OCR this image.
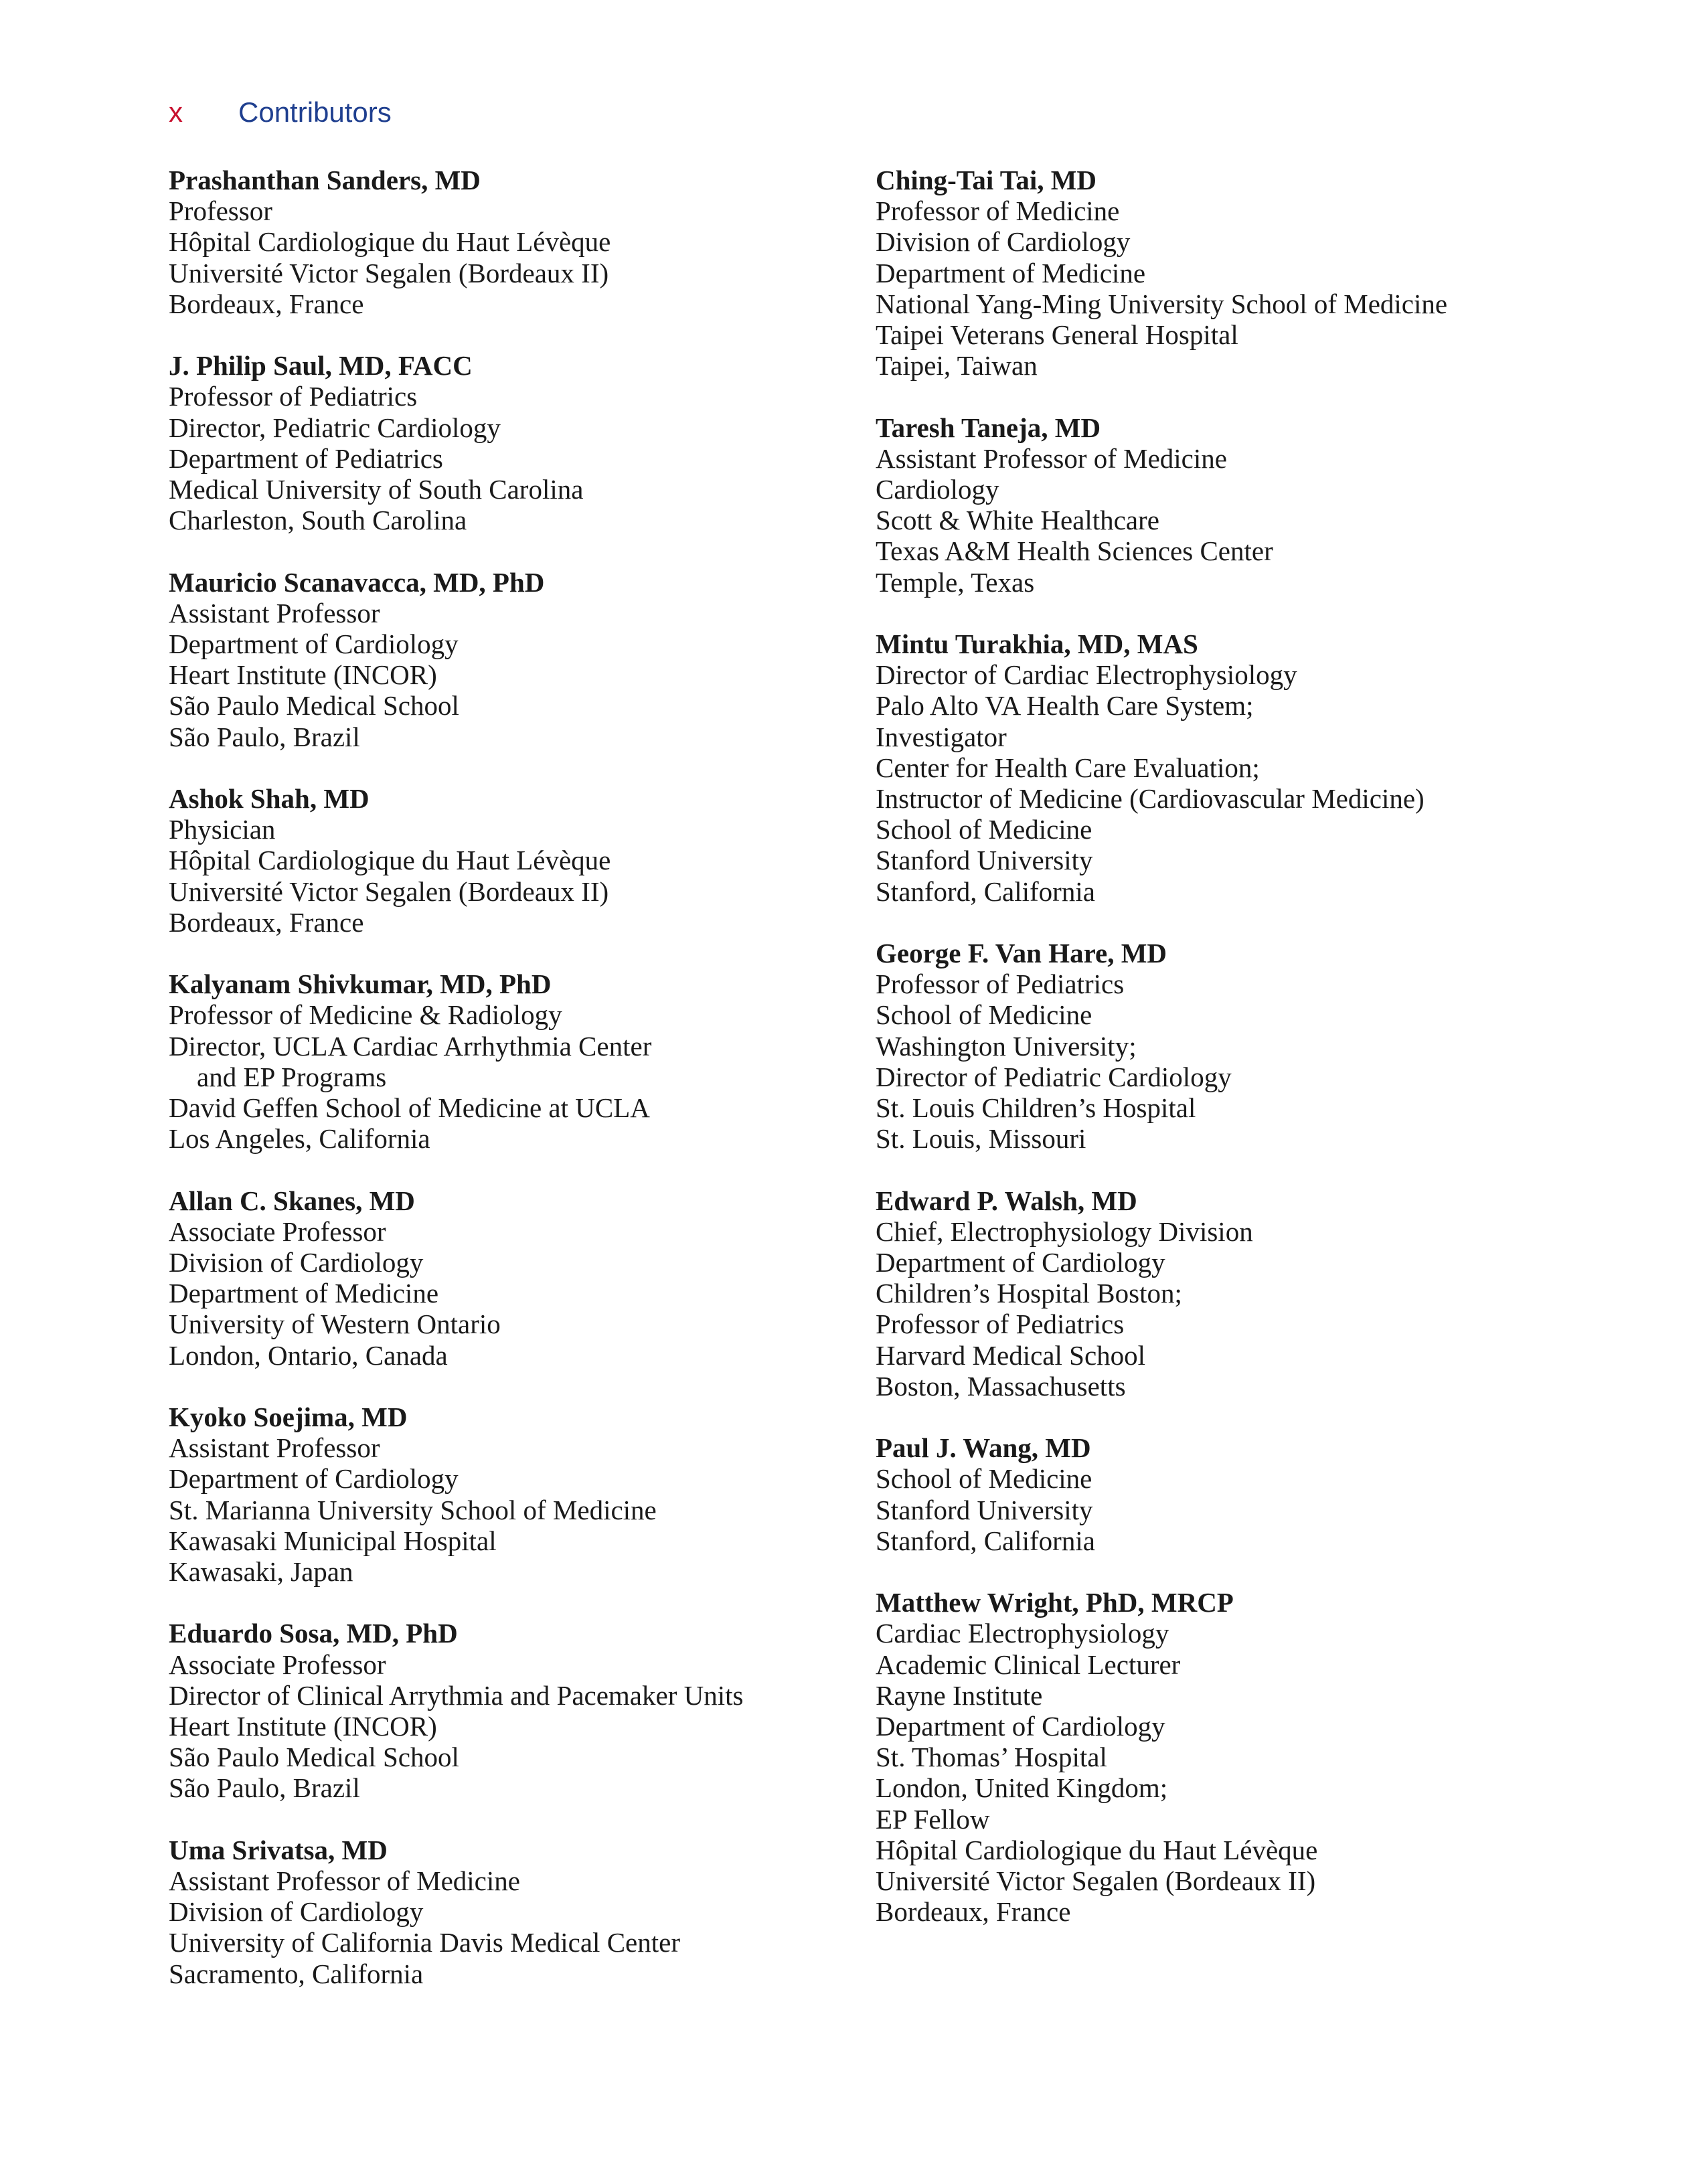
x	Contributors
Prashanthan Sanders, MD
Professor
Hôpital Cardiologique du Haut Lévèque
Université Victor Segalen (Bordeaux II)
Bordeaux, France
J. Philip Saul, MD, FACC
Professor of Pediatrics
Director, Pediatric Cardiology
Department of Pediatrics
Medical University of South Carolina
Charleston, South Carolina
Mauricio Scanavacca, MD, PhD
Assistant Professor
Department of Cardiology
Heart Institute (INCOR)
São Paulo Medical School
São Paulo, Brazil
Ashok Shah, MD
Physician
Hôpital Cardiologique du Haut Lévèque
Université Victor Segalen (Bordeaux II)
Bordeaux, France
Kalyanam Shivkumar, MD, PhD
Professor of Medicine & Radiology
Director, UCLA Cardiac Arrhythmia Center
and EP Programs
David Geffen School of Medicine at UCLA
Los Angeles, California
Allan C. Skanes, MD
Associate Professor
Division of Cardiology
Department of Medicine
University of Western Ontario
London, Ontario, Canada
Kyoko Soejima, MD
Assistant Professor
Department of Cardiology
St. Marianna University School of Medicine
Kawasaki Municipal Hospital
Kawasaki, Japan
Eduardo Sosa, MD, PhD
Associate Professor
Director of Clinical Arrythmia and Pacemaker Units
Heart Institute (INCOR)
São Paulo Medical School
São Paulo, Brazil
Uma Srivatsa, MD
Assistant Professor of Medicine
Division of Cardiology
University of California Davis Medical Center
Sacramento, California
Ching-Tai Tai, MD
Professor of Medicine
Division of Cardiology
Department of Medicine
National Yang-Ming University School of Medicine
Taipei Veterans General Hospital
Taipei, Taiwan
Taresh Taneja, MD
Assistant Professor of Medicine
Cardiology
Scott & White Healthcare
Texas A&M Health Sciences Center
Temple, Texas
Mintu Turakhia, MD, MAS
Director of Cardiac Electrophysiology
Palo Alto VA Health Care System;
Investigator
Center for Health Care Evaluation;
Instructor of Medicine (Cardiovascular Medicine)
School of Medicine
Stanford University
Stanford, California
George F. Van Hare, MD
Professor of Pediatrics
School of Medicine
Washington University;
Director of Pediatric Cardiology
St. Louis Children’s Hospital
St. Louis, Missouri
Edward P. Walsh, MD
Chief, Electrophysiology Division
Department of Cardiology
Children’s Hospital Boston;
Professor of Pediatrics
Harvard Medical School
Boston, Massachusetts
Paul J. Wang, MD
School of Medicine
Stanford University
Stanford, California
Matthew Wright, PhD, MRCP
Cardiac Electrophysiology
Academic Clinical Lecturer
Rayne Institute
Department of Cardiology
St. Thomas’ Hospital
London, United Kingdom;
EP Fellow
Hôpital Cardiologique du Haut Lévèque
Université Victor Segalen (Bordeaux II)
Bordeaux, France
